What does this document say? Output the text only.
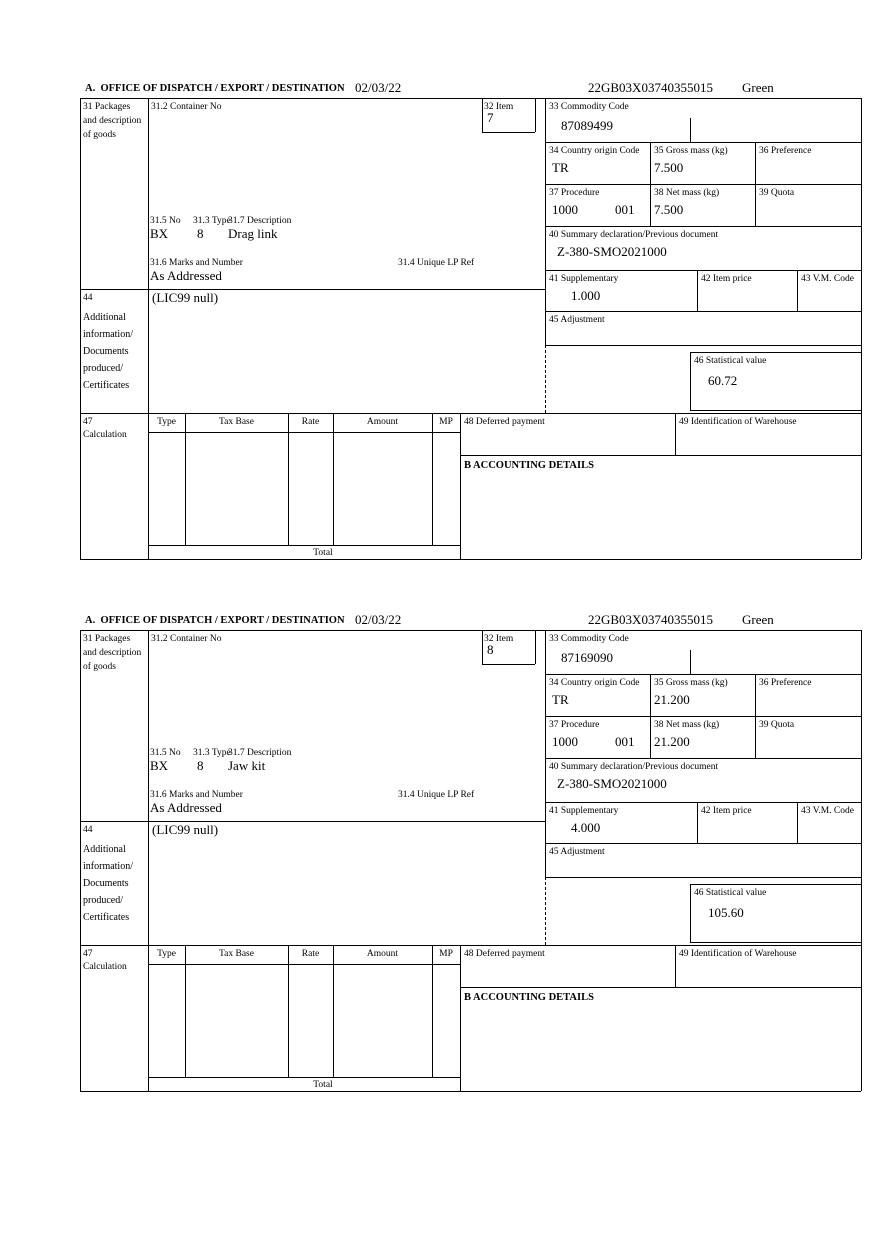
A.  OFFICE OF DISPATCH / EXPORT / DESTINATION 02/03/22	22GB03X03740355015 Green
31 Packages and description of goods
44
Additional information/ Documents produced/ Certificates
47
Calculation
31.2 Container No	32 Item
7
31.5 No 31.3 Type
31.7 Description
BX 8 Drag link
31.6 Marks and Number	31.4 Unique LP Ref
As Addressed
(LIC99 null)
33 Commodity Code
87089499
34 Country origin Code
TR
35 Gross mass (kg)
7.500
36 Preference
37 Procedure
1000	001
38 Net mass (kg)
7.500
39 Quota
40 Summary declaration/Previous document
Z-380-SMO2021000
41 Supplementary
1.000
42 Item price	43 V.M. Code
45 Adjustment
46 Statistical value
60.72
Type	Tax Base	Rate	Amount	MP
Total
48 Deferred payment	49 Identification of Warehouse
B ACCOUNTING DETAILS
A.  OFFICE OF DISPATCH / EXPORT / DESTINATION 02/03/22	22GB03X03740355015 Green
31 Packages and description of goods
44
Additional information/ Documents produced/ Certificates
47
Calculation
31.2 Container No	32 Item
8
31.5 No 31.3 Type
31.7 Description
BX 8 Jaw kit
31.6 Marks and Number	31.4 Unique LP Ref
As Addressed
(LIC99 null)
33 Commodity Code
87169090
34 Country origin Code
TR
35 Gross mass (kg)
21.200
36 Preference
37 Procedure
1000	001
38 Net mass (kg)
21.200
39 Quota
40 Summary declaration/Previous document
Z-380-SMO2021000
41 Supplementary
4.000
42 Item price	43 V.M. Code
45 Adjustment
46 Statistical value
105.60
Type	Tax Base	Rate	Amount	MP
Total
48 Deferred payment	49 Identification of Warehouse
B ACCOUNTING DETAILS
